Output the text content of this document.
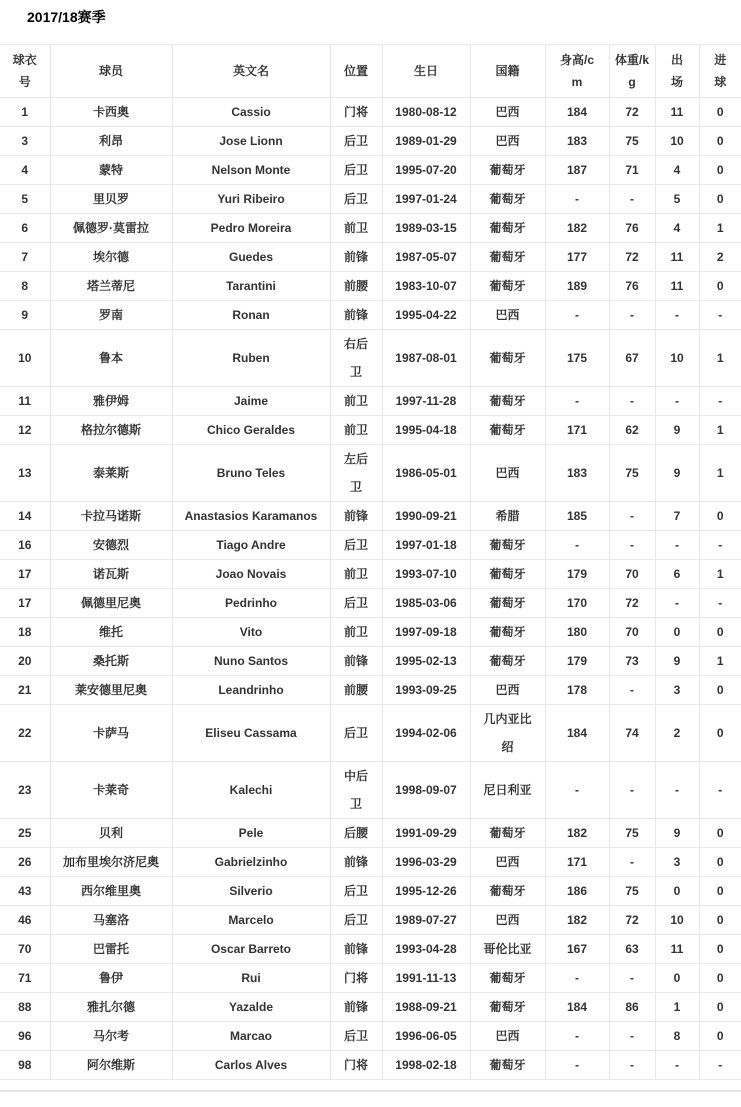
2017/18赛季
球衣号	球员	英文名	位置	生日	国籍	身高/cm	体重/kg	出场	进球
1	卡西奥	Cassio	门将	1980-08-12	巴西	184	72	11	0
3	利昂	Jose Lionn	后卫	1989-01-29	巴西	183	75	10	0
4	蒙特	Nelson Monte	后卫	1995-07-20	葡萄牙	187	71	4	0
5	里贝罗	Yuri Ribeiro	后卫	1997-01-24	葡萄牙	-	-	5	0
6	佩德罗·莫雷拉	Pedro Moreira	前卫	1989-03-15	葡萄牙	182	76	4	1
7	埃尔德	Guedes	前锋	1987-05-07	葡萄牙	177	72	11	2
8	塔兰蒂尼	Tarantini	前腰	1983-10-07	葡萄牙	189	76	11	0
9	罗南	Ronan	前锋	1995-04-22	巴西	-	-	-	-
10	鲁本	Ruben	右后卫	1987-08-01	葡萄牙	175	67	10	1
11	雅伊姆	Jaime	前卫	1997-11-28	葡萄牙	-	-	-	-
12	格拉尔德斯	Chico Geraldes	前卫	1995-04-18	葡萄牙	171	62	9	1
13	泰莱斯	Bruno Teles	左后卫	1986-05-01	巴西	183	75	9	1
14	卡拉马诺斯	Anastasios Karamanos	前锋	1990-09-21	希腊	185	-	7	0
16	安德烈	Tiago Andre	后卫	1997-01-18	葡萄牙	-	-	-	-
17	诺瓦斯	Joao Novais	前卫	1993-07-10	葡萄牙	179	70	6	1
17	佩德里尼奥	Pedrinho	后卫	1985-03-06	葡萄牙	170	72	-	-
18	维托	Vito	前卫	1997-09-18	葡萄牙	180	70	0	0
20	桑托斯	Nuno Santos	前锋	1995-02-13	葡萄牙	179	73	9	1
21	莱安德里尼奥	Leandrinho	前腰	1993-09-25	巴西	178	-	3	0
22	卡萨马	Eliseu Cassama	后卫	1994-02-06	几内亚比绍	184	74	2	0
23	卡莱奇	Kalechi	中后卫	1998-09-07	尼日利亚	-	-	-	-
25	贝利	Pele	后腰	1991-09-29	葡萄牙	182	75	9	0
26	加布里埃尔济尼奥	Gabrielzinho	前锋	1996-03-29	巴西	171	-	3	0
43	西尔维里奥	Silverio	后卫	1995-12-26	葡萄牙	186	75	0	0
46	马塞洛	Marcelo	后卫	1989-07-27	巴西	182	72	10	0
70	巴雷托	Oscar Barreto	前锋	1993-04-28	哥伦比亚	167	63	11	0
71	鲁伊	Rui	门将	1991-11-13	葡萄牙	-	-	0	0
88	雅扎尔德	Yazalde	前锋	1988-09-21	葡萄牙	184	86	1	0
96	马尔考	Marcao	后卫	1996-06-05	巴西	-	-	8	0
98	阿尔维斯	Carlos Alves	门将	1998-02-18	葡萄牙	-	-	-	-
